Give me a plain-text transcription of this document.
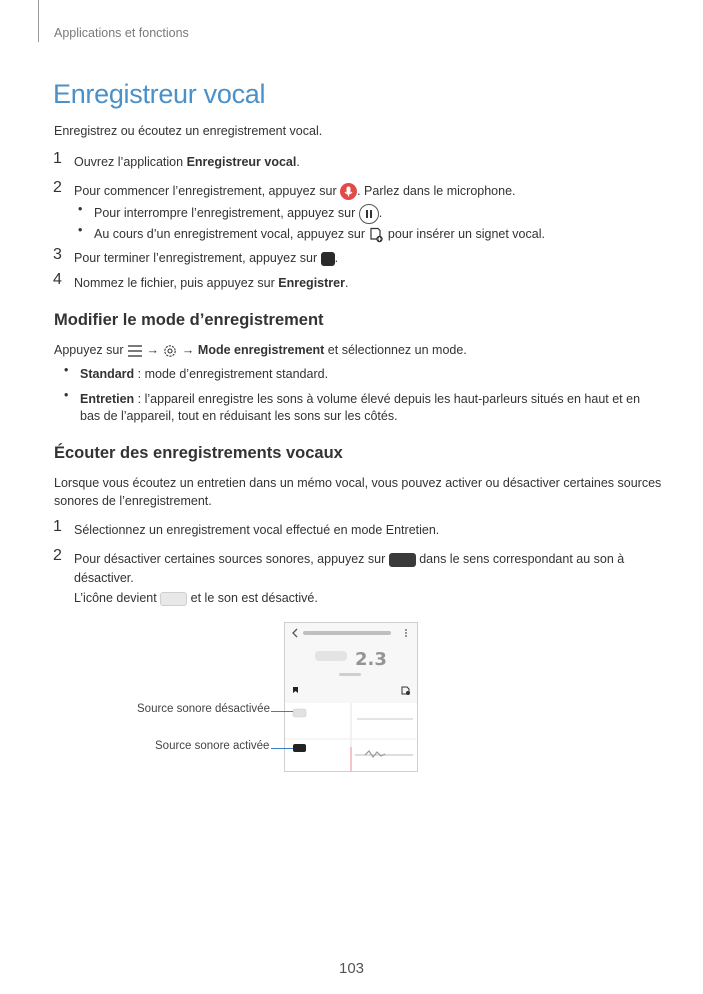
Applications et fonctions
Enregistreur vocal
Enregistrez ou écoutez un enregistrement vocal.
1 Ouvrez l’application Enregistreur vocal.
2 Pour commencer l’enregistrement, appuyez sur
. Parlez dans le microphone.
• Pour interrompre l’enregistrement, appuyez sur
.
• Au cours d’un enregistrement vocal, appuyez sur  pour insérer un signet vocal.
3 Pour terminer l’enregistrement, appuyez sur .
4 Nommez le fichier, puis appuyez sur Enregistrer.
Modifier le mode d’enregistrement
Appuyez sur  → → Mode enregistrement et sélectionnez un mode.
• Standard : mode d’enregistrement standard.
• Entretien : l’appareil enregistre les sons à volume élevé depuis les haut-parleurs situés en haut et en
bas de l’appareil, tout en réduisant les sons sur les côtés.
Écouter des enregistrements vocaux
Lorsque vous écoutez un entretien dans un mémo vocal, vous pouvez activer ou désactiver certaines sources
sonores de l’enregistrement.
1 Sélectionnez un enregistrement vocal effectué en mode Entretien.
2 Pour désactiver certaines sources sonores, appuyez sur  dans le sens correspondant au son à
désactiver.
L’icône devient  et le son est désactivé.
2.3
Source sonore désactivée
Source sonore activée
103
